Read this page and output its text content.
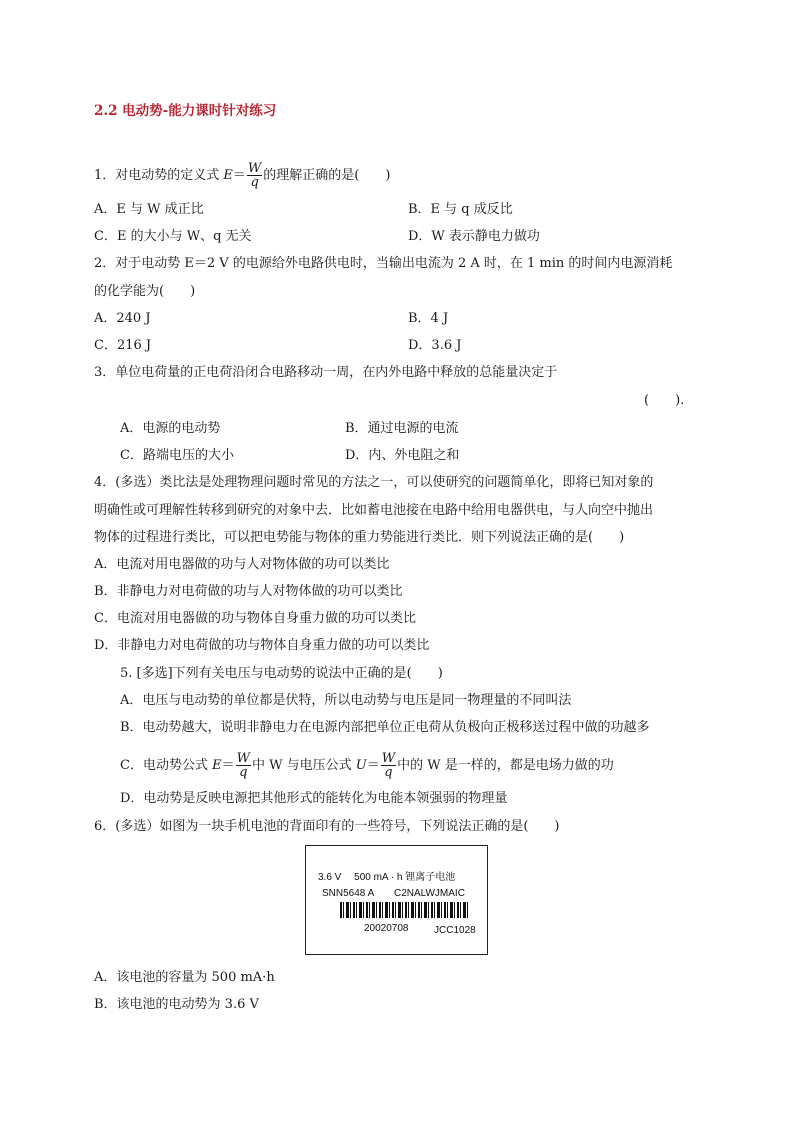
2.2 电动势-能力课时针对练习
1．对电动势的定义式 $E= \frac{W}{q}$ 的理解正确的是(　　)
A．E 与 W 成正比	B．E 与 q 成反比
C．E 的大小与 W、q 无关	D．W 表示静电力做功
2．对于电动势 E＝2 V 的电源给外电路供电时，当输出电流为 2 A 时，在 1 min 的时间内电源消耗
的化学能为(　　)
A．240 J	B．4 J
C．216 J	D．3.6 J
3．单位电荷量的正电荷沿闭合电路移动一周，在内外电路中释放的总能量决定于
(　　).
A．电源的电动势	B．通过电源的电流
C．路端电压的大小	D．内、外电阻之和
4．(多选）类比法是处理物理问题时常见的方法之一，可以使研究的问题简单化，即将已知对象的
明确性或可理解性转移到研究的对象中去．比如蓄电池接在电路中给用电器供电，与人向空中抛出
物体的过程进行类比，可以把电势能与物体的重力势能进行类比．则下列说法正确的是(　　)
A．电流对用电器做的功与人对物体做的功可以类比
B．非静电力对电荷做的功与人对物体做的功可以类比
C．电流对用电器做的功与物体自身重力做的功可以类比
D．非静电力对电荷做的功与物体自身重力做的功可以类比
5. [多选]下列有关电压与电动势的说法中正确的是(　　)
A．电压与电动势的单位都是伏特，所以电动势与电压是同一物理量的不同叫法
B．电动势越大，说明非静电力在电源内部把单位正电荷从负极向正极移送过程中做的功越多
C．电动势公式 $E= \frac{W}{q}$ 中 W 与电压公式 $U= \frac{W}{q}$ 中的 W 是一样的，都是电场力做的功
D．电动势是反映电源把其他形式的能转化为电能本领强弱的物理量
6．(多选）如图为一块手机电池的背面印有的一些符号，下列说法正确的是(　　)
3.6 V　 500 mA · h 锂离子电池
SNN5648 A C2NALWJMAIC
20020708	JCC1028
A．该电池的容量为 500 mA·h
B．该电池的电动势为 3.6 V
